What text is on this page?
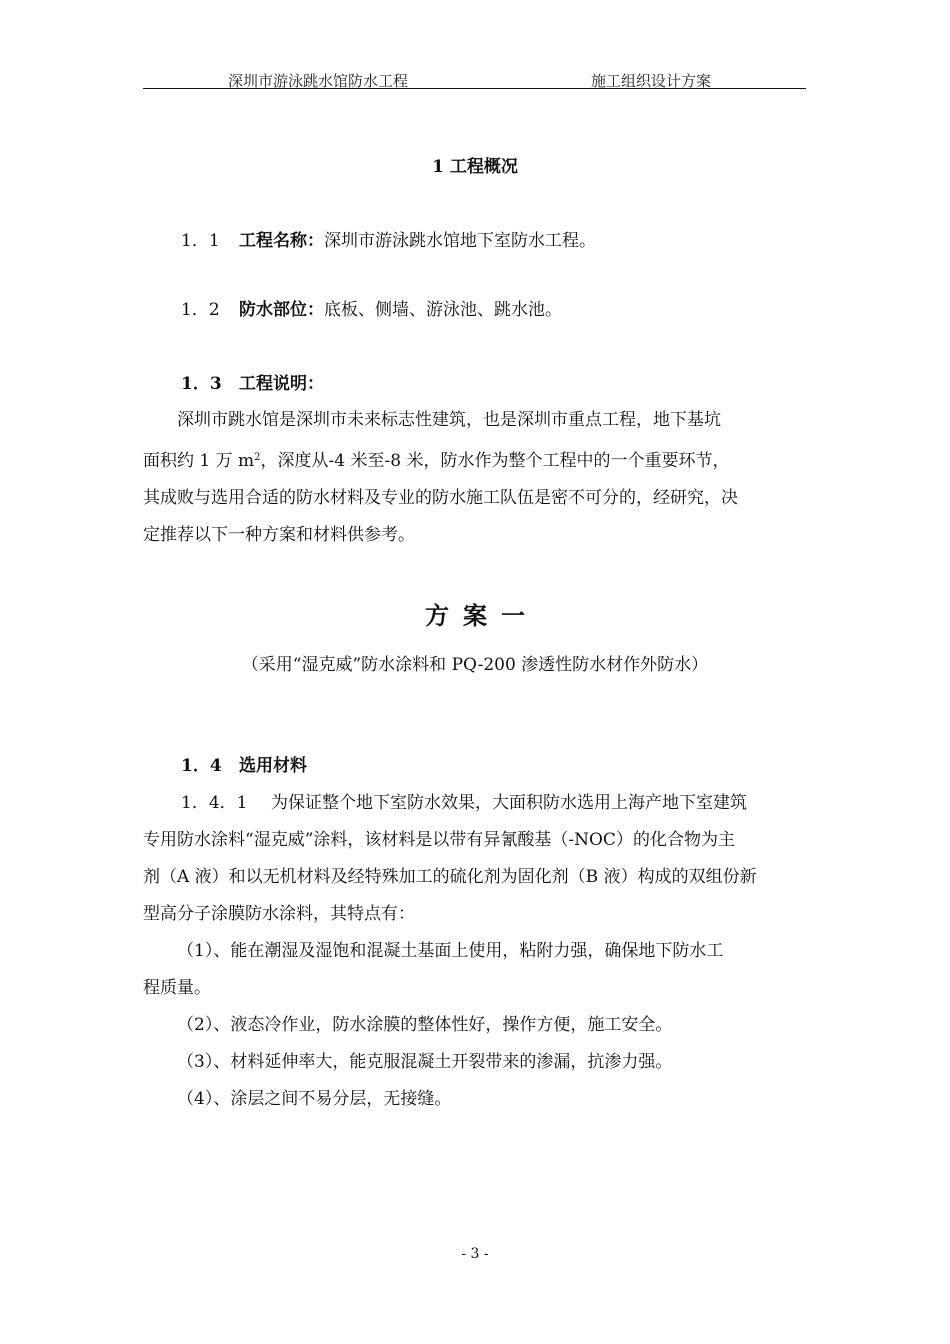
深圳市游泳跳水馆防水工程	施工组织设计方案
1 工程概况
1．1 工程名称：深圳市游泳跳水馆地下室防水工程。
1．2 防水部位：底板、侧墙、游泳池、跳水池。
1．3 工程说明：
深圳市跳水馆是深圳市未来标志性建筑，也是深圳市重点工程，地下基坑
面积约 1 万 $m^2$，深度从-4 米至-8 米，防水作为整个工程中的一个重要环节，
其成败与选用合适的防水材料及专业的防水施工队伍是密不可分的，经研究，决
定推荐以下一种方案和材料供参考。
方案一
（采用“湿克威”防水涂料和 PQ-200 渗透性防水材作外防水）
1．4 选用材料
1．4．1 为保证整个地下室防水效果，大面积防水选用上海产地下室建筑
专用防水涂料“湿克威”涂料，该材料是以带有异氰酸基（-NOC）的化合物为主
剂（A 液）和以无机材料及经特殊加工的硫化剂为固化剂（B 液）构成的双组份新
型高分子涂膜防水涂料，其特点有：
（1）、能在潮湿及湿饱和混凝土基面上使用，粘附力强，确保地下防水工
程质量。
（2）、液态冷作业，防水涂膜的整体性好，操作方便，施工安全。
（3）、材料延伸率大，能克服混凝土开裂带来的渗漏，抗渗力强。
（4）、涂层之间不易分层，无接缝。
- 3 -
